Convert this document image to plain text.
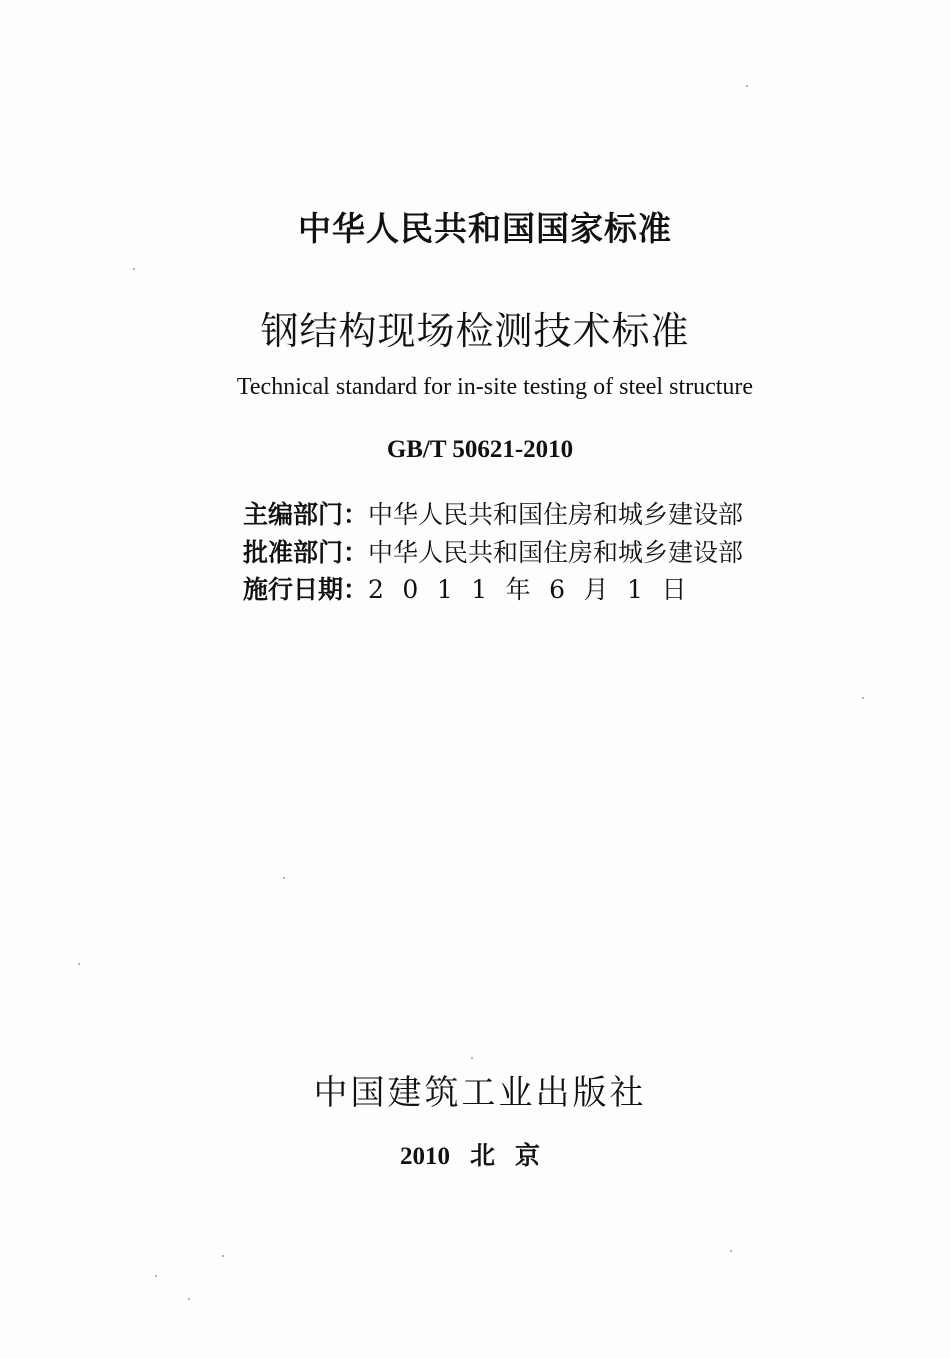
中华人民共和国国家标准
钢结构现场检测技术标准
Technical standard for in-site testing of steel structure
GB/T 50621-2010
主编部门：中华人民共和国住房和城乡建设部
批准部门：中华人民共和国住房和城乡建设部
施行日期：2011年6月1日
中国建筑工业出版社
2010 北京
